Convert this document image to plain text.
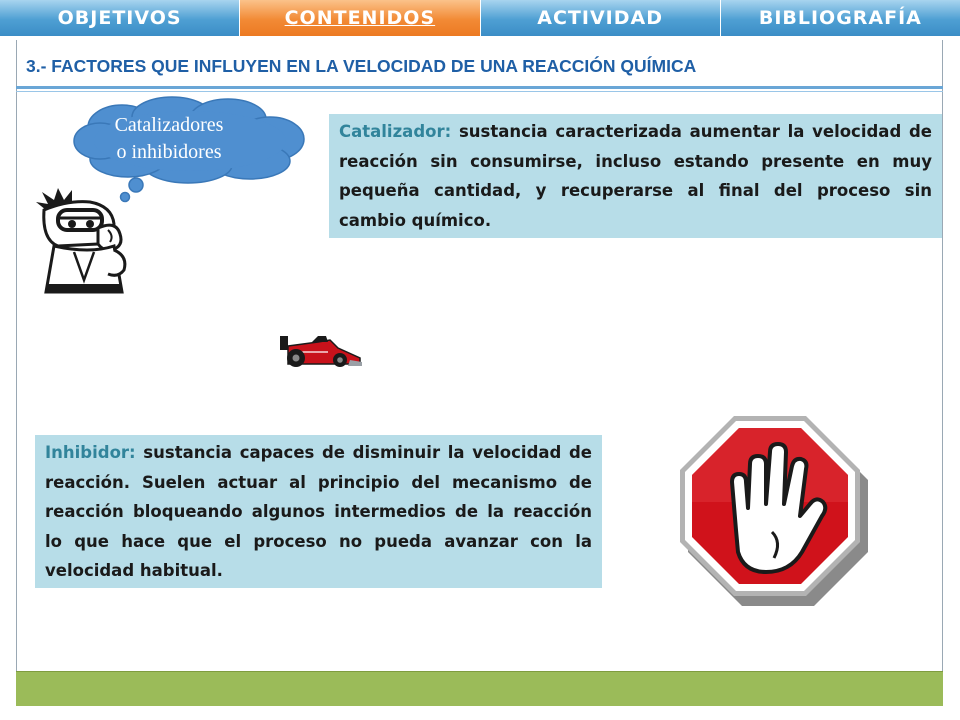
OBJETIVOS	CONTENIDOS	ACTIVIDAD	BIBLIOGRAFÍA
3.- FACTORES QUE INFLUYEN EN LA VELOCIDAD DE UNA REACCIÓN QUÍMICA
Catalizadores
o inhibidores
Catalizador: sustancia caracterizada aumentar la velocidad de reacción sin consumirse, incluso estando presente en muy pequeña cantidad, y recuperarse al final del proceso sin cambio químico.
Inhibidor: sustancia capaces de disminuir la velocidad de reacción. Suelen actuar al principio del mecanismo de reacción bloqueando algunos intermedios de la reacción lo que hace que el proceso no pueda avanzar con la velocidad habitual.
